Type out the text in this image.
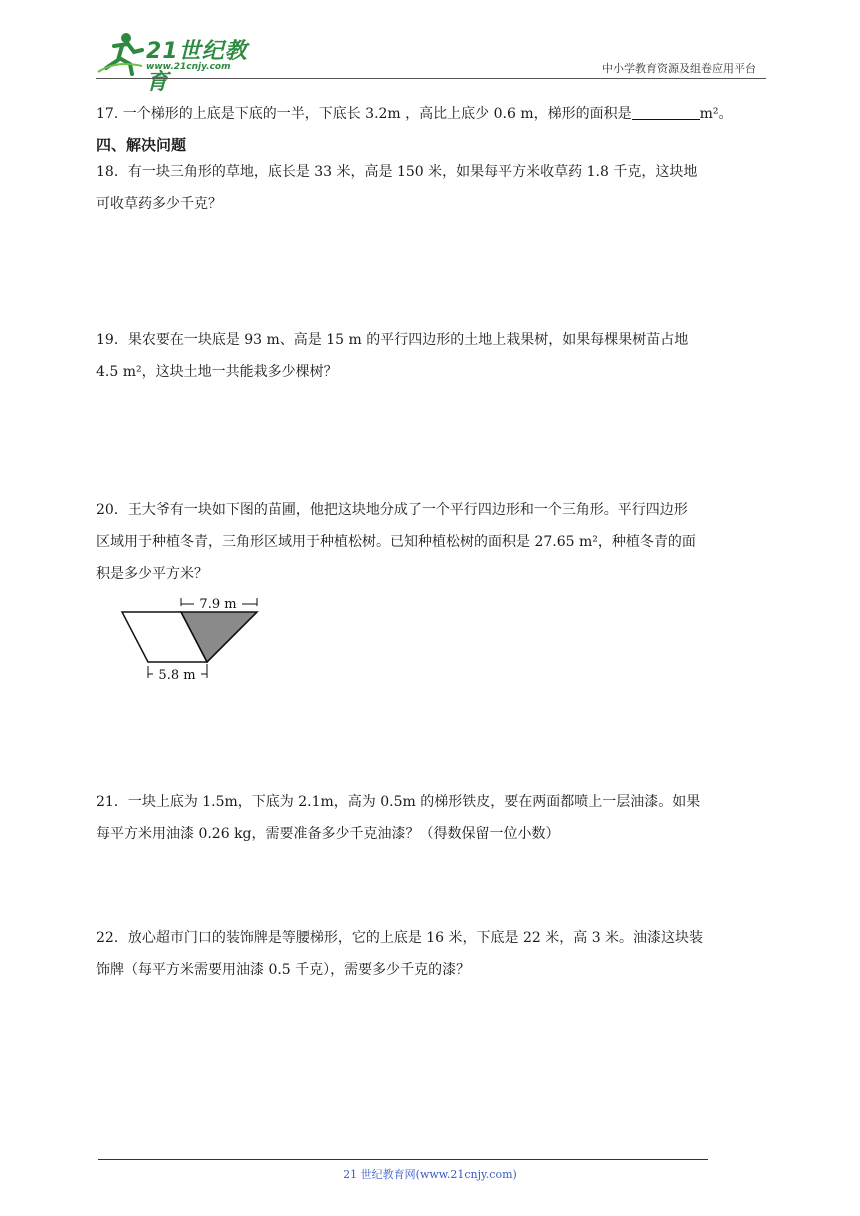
21世纪教育
www.21cnjy.com	中小学教育资源及组卷应用平台
17. 一个梯形的上底是下底的一半，下底长 3.2m ，高比上底少 0.6 m，梯形的面积是	m²。
四、解决问题
18．有一块三角形的草地，底长是 33 米，高是 150 米，如果每平方米收草药 1.8 千克，这块地
可收草药多少千克？
19．果农要在一块底是 93 m、高是 15 m 的平行四边形的土地上栽果树，如果每棵果树苗占地
4.5 m²，这块土地一共能栽多少棵树？
20．王大爷有一块如下图的苗圃，他把这块地分成了一个平行四边形和一个三角形。平行四边形
区域用于种植冬青，三角形区域用于种植松树。已知种植松树的面积是 27.65 m²，种植冬青的面
积是多少平方米？
7.9 m
5.8 m
21．一块上底为 1.5m，下底为 2.1m，高为 0.5m 的梯形铁皮，要在两面都喷上一层油漆。如果
每平方米用油漆 0.26 kg，需要准备多少千克油漆？（得数保留一位小数）
22．放心超市门口的装饰牌是等腰梯形，它的上底是 16 米，下底是 22 米，高 3 米。油漆这块装
饰牌（每平方米需要用油漆 0.5 千克），需要多少千克的漆？
21 世纪教育网(www.21cnjy.com)
